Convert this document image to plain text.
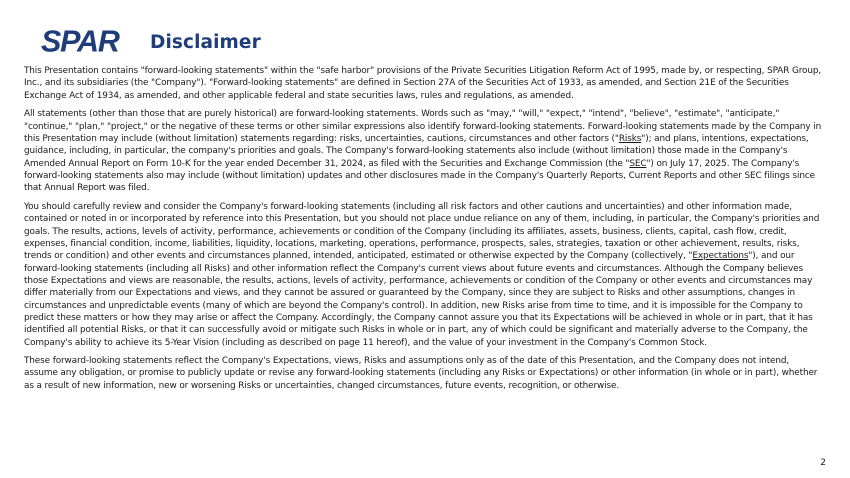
SPAR Disclaimer

This Presentation contains "forward-looking statements" within the "safe harbor" provisions of the Private Securities Litigation Reform Act of 1995, made by, or respecting, SPAR Group, Inc., and its subsidiaries (the "Company"). "Forward-looking statements" are defined in Section 27A of the Securities Act of 1933, as amended, and Section 21E of the Securities Exchange Act of 1934, as amended, and other applicable federal and state securities laws, rules and regulations, as amended.

All statements (other than those that are purely historical) are forward-looking statements. Words such as "may," "will," "expect," "intend", "believe", "estimate", "anticipate," "continue," "plan," "project," or the negative of these terms or other similar expressions also identify forward-looking statements. Forward-looking statements made by the Company in this Presentation may include (without limitation) statements regarding: risks, uncertainties, cautions, circumstances and other factors ("Risks"); and plans, intentions, expectations, guidance, including, in particular, the company's priorities and goals. The Company's forward-looking statements also include (without limitation) those made in the Company's Amended Annual Report on Form 10-K for the year ended December 31, 2024, as filed with the Securities and Exchange Commission (the "SEC") on July 17, 2025. The Company's forward-looking statements also may include (without limitation) updates and other disclosures made in the Company's Quarterly Reports, Current Reports and other SEC filings since that Annual Report was filed.

You should carefully review and consider the Company's forward-looking statements (including all risk factors and other cautions and uncertainties) and other information made, contained or noted in or incorporated by reference into this Presentation, but you should not place undue reliance on any of them, including, in particular, the Company's priorities and goals. The results, actions, levels of activity, performance, achievements or condition of the Company (including its affiliates, assets, business, clients, capital, cash flow, credit, expenses, financial condition, income, liabilities, liquidity, locations, marketing, operations, performance, prospects, sales, strategies, taxation or other achievement, results, risks, trends or condition) and other events and circumstances planned, intended, anticipated, estimated or otherwise expected by the Company (collectively, "Expectations"), and our forward-looking statements (including all Risks) and other information reflect the Company's current views about future events and circumstances. Although the Company believes those Expectations and views are reasonable, the results, actions, levels of activity, performance, achievements or condition of the Company or other events and circumstances may differ materially from our Expectations and views, and they cannot be assured or guaranteed by the Company, since they are subject to Risks and other assumptions, changes in circumstances and unpredictable events (many of which are beyond the Company's control). In addition, new Risks arise from time to time, and it is impossible for the Company to predict these matters or how they may arise or affect the Company. Accordingly, the Company cannot assure you that its Expectations will be achieved in whole or in part, that it has identified all potential Risks, or that it can successfully avoid or mitigate such Risks in whole or in part, any of which could be significant and materially adverse to the Company, the Company's ability to achieve its 5-Year Vision (including as described on page 11 hereof), and the value of your investment in the Company's Common Stock.

These forward-looking statements reflect the Company's Expectations, views, Risks and assumptions only as of the date of this Presentation, and the Company does not intend, assume any obligation, or promise to publicly update or revise any forward-looking statements (including any Risks or Expectations) or other information (in whole or in part), whether as a result of new information, new or worsening Risks or uncertainties, changed circumstances, future events, recognition, or otherwise.

2
